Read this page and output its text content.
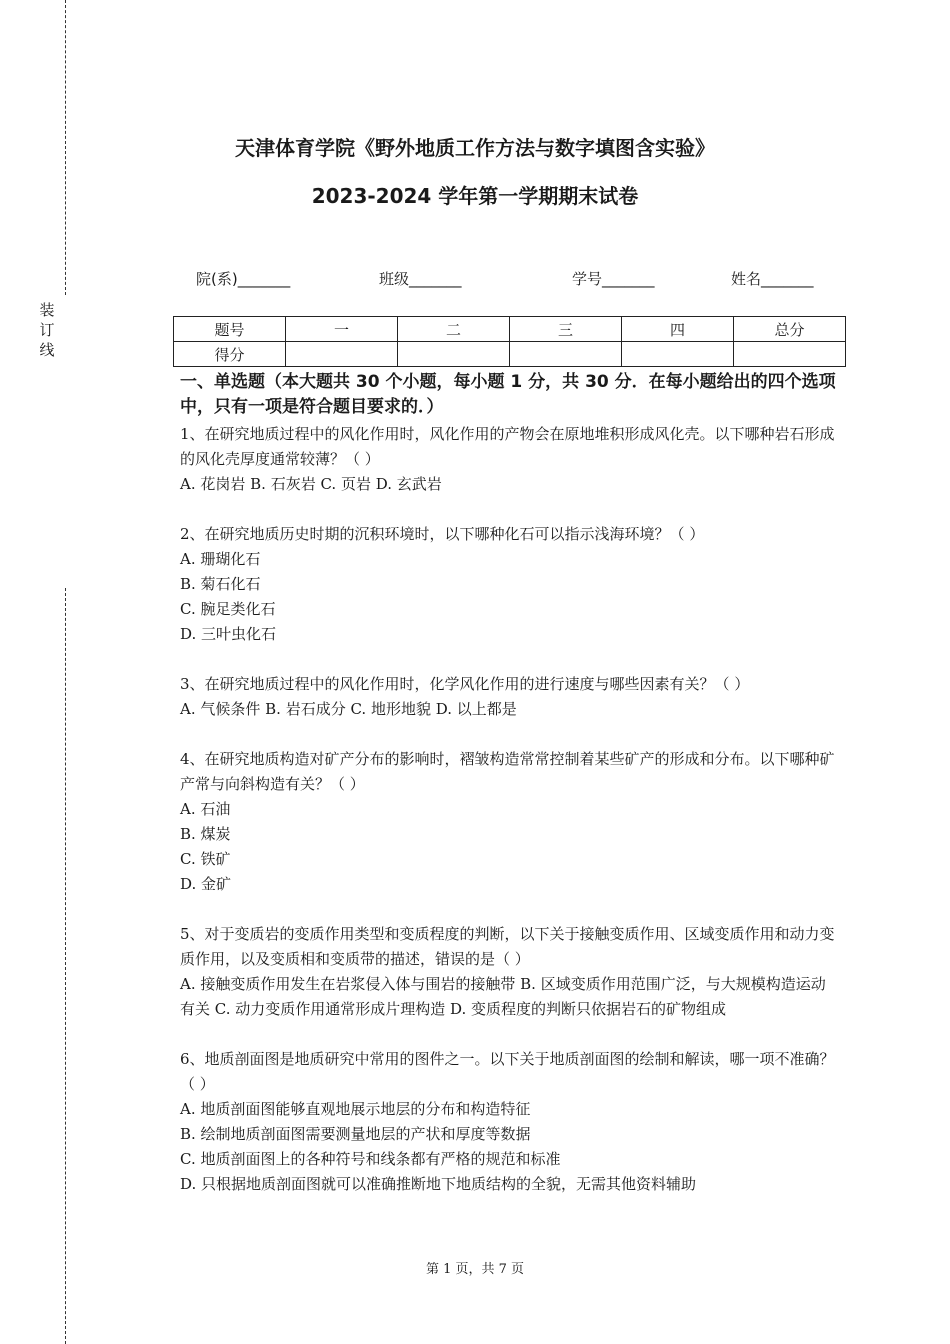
装
订
线
天津体育学院《野外地质工作方法与数字填图含实验》
2023-2024 学年第一学期期末试卷
院(系)_______	班级_______	学号_______	姓名_______
题号	一	二	三	四	总分
得分					
一、单选题（本大题共 30 个小题，每小题 1 分，共 30 分．在每小题给出的四个选项中，只有一项是符合题目要求的．）

1、在研究地质过程中的风化作用时，风化作用的产物会在原地堆积形成风化壳。以下哪种岩石形成的风化壳厚度通常较薄？（ ）

A. 花岗岩 B. 石灰岩 C. 页岩 D. 玄武岩

2、在研究地质历史时期的沉积环境时，以下哪种化石可以指示浅海环境？（ ）

A. 珊瑚化石

B. 菊石化石

C. 腕足类化石

D. 三叶虫化石

3、在研究地质过程中的风化作用时，化学风化作用的进行速度与哪些因素有关？（ ）

A. 气候条件 B. 岩石成分 C. 地形地貌 D. 以上都是

4、在研究地质构造对矿产分布的影响时，褶皱构造常常控制着某些矿产的形成和分布。以下哪种矿产常与向斜构造有关？（ ）

A. 石油

B. 煤炭

C. 铁矿

D. 金矿

5、对于变质岩的变质作用类型和变质程度的判断，以下关于接触变质作用、区域变质作用和动力变质作用，以及变质相和变质带的描述，错误的是（ ）

A. 接触变质作用发生在岩浆侵入体与围岩的接触带 B. 区域变质作用范围广泛，与大规模构造运动有关 C. 动力变质作用通常形成片理构造 D. 变质程度的判断只依据岩石的矿物组成

6、地质剖面图是地质研究中常用的图件之一。以下关于地质剖面图的绘制和解读，哪一项不准确？（ ）

A. 地质剖面图能够直观地展示地层的分布和构造特征

B. 绘制地质剖面图需要测量地层的产状和厚度等数据

C. 地质剖面图上的各种符号和线条都有严格的规范和标准

D. 只根据地质剖面图就可以准确推断地下地质结构的全貌，无需其他资料辅助

第 1 页，共 7 页
